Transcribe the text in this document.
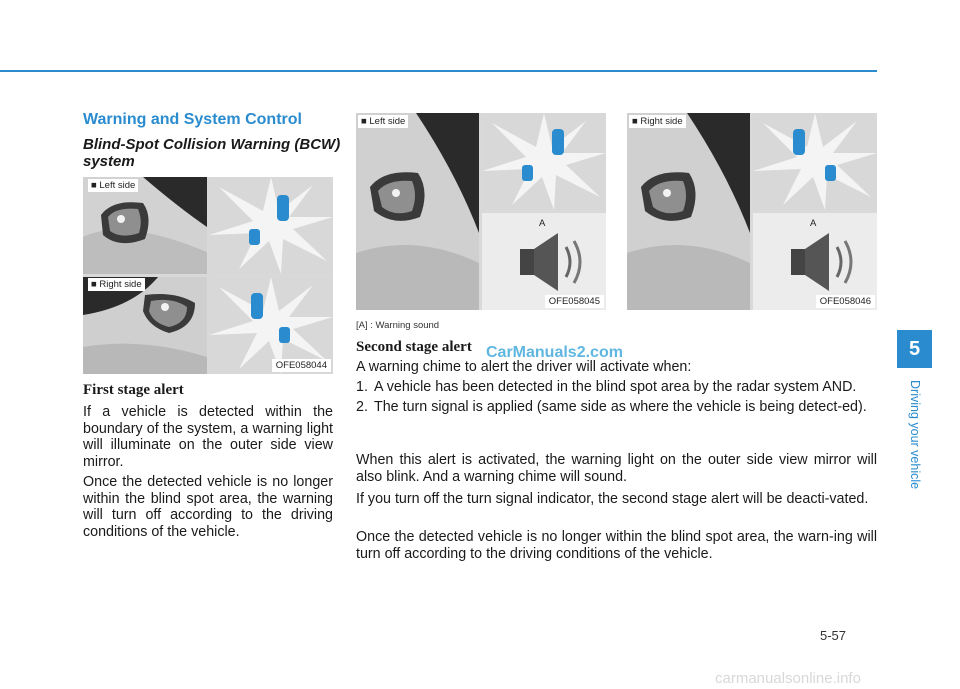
Warning and System Control
Blind-Spot Collision Warning (BCW) system
■ Left side
■ Right side
OFE058044
■ Left side
A
OFE058045
■ Right side
A
OFE058046
[A] : Warning sound
First stage alert
If a vehicle is detected within the boundary of the system, a warning light will illuminate on the outer side view mirror.
Once the detected vehicle is no longer within the blind spot area, the warning will turn off according to the driving conditions of the vehicle.
Second stage alert
A warning chime to alert the driver will activate when:
1. A vehicle has been detected in the blind spot area by the radar system AND.
2. The turn signal is applied (same side as where the vehicle is being detect-ed).
When this alert is activated, the warning light on the outer side view mirror will also blink. And a warning chime will sound.
If you turn off the turn signal indicator, the second stage alert will be deacti-vated.
Once the detected vehicle is no longer within the blind spot area, the warn-ing will turn off according to the driving conditions of the vehicle.
5
Driving your vehicle
5-57
CarManuals2.com
carmanualsonline.info
